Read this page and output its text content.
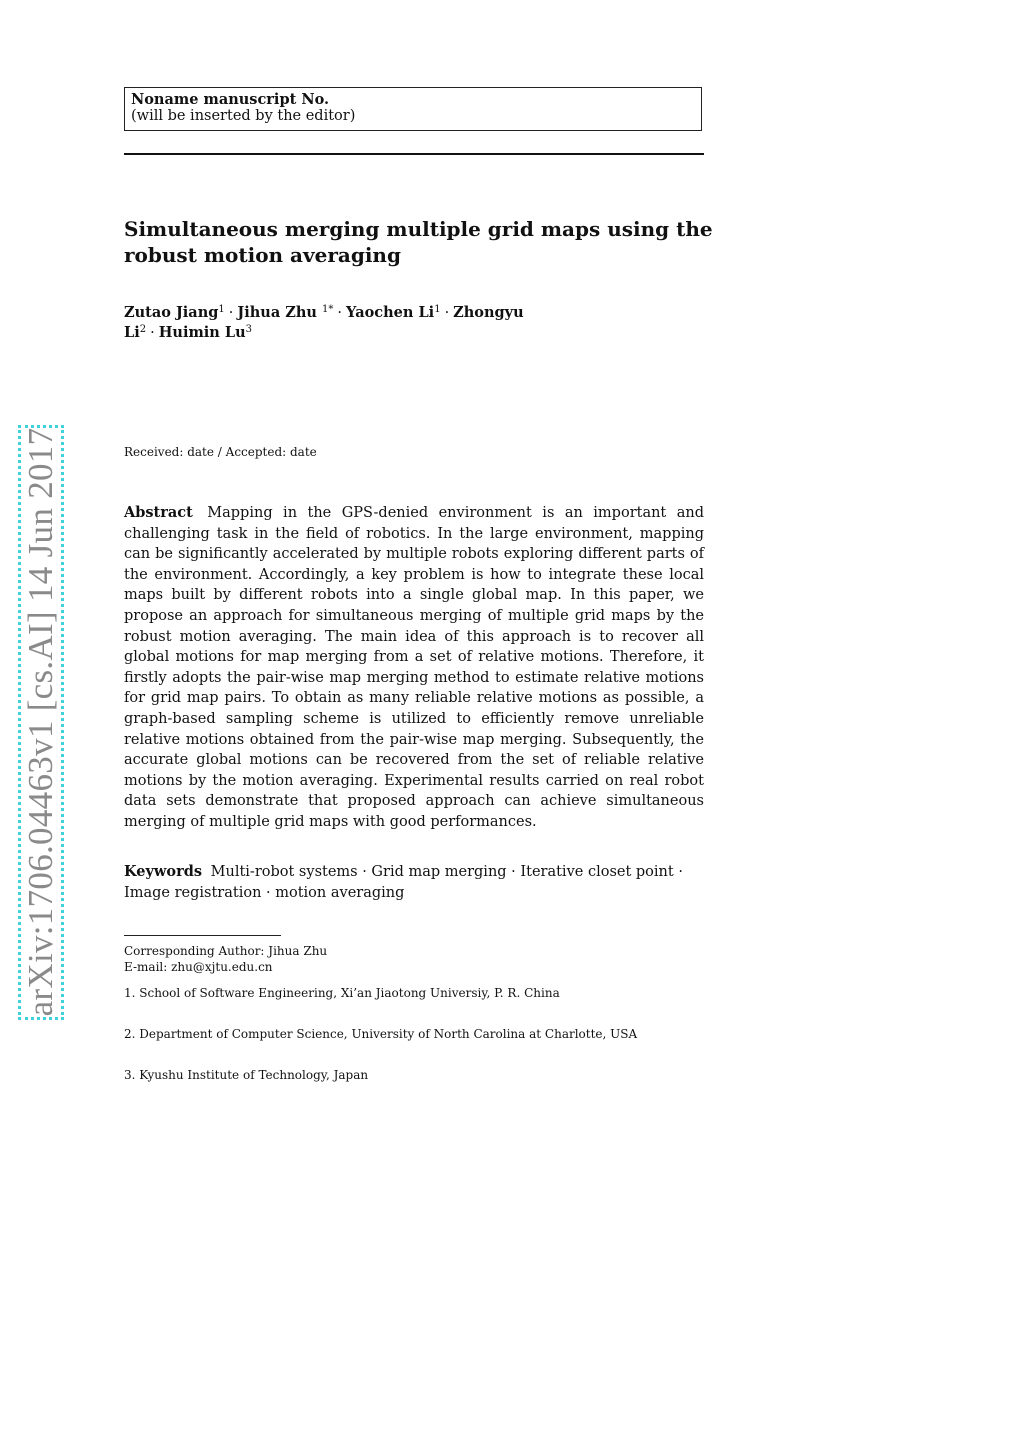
Noname manuscript No.
(will be inserted by the editor)
Simultaneous merging multiple grid maps using the
robust motion averaging
Zutao Jiang$^1$ · Jihua Zhu $^{1*}$ · Yaochen $Li^1$ · Zhongyu $Li^2 \cdot Huimin$ Lu$^3$
Received: date / Accepted: date

Abstract Mapping in the GPS-denied environment is an important and challenging task in the field of robotics. In the large environment, mapping can be significantly accelerated by multiple robots exploring different parts of the environment. Accordingly, a key problem is how to integrate these local maps built by different robots into a single global map. In this paper, we propose an approach for simultaneous merging of multiple grid maps by the robust motion averaging. The main idea of this approach is to recover all global motions for map merging from a set of relative motions. Therefore, it firstly adopts the pair-wise map merging method to estimate relative motions for grid map pairs. To obtain as many reliable relative motions as possible, a graph-based sampling scheme is utilized to efficiently remove unreliable relative motions obtained from the pair-wise map merging. Subsequently, the accurate global motions can be recovered from the set of reliable relative motions by the motion averaging. Experimental results carried on real robot data sets demonstrate that proposed approach can achieve simultaneous merging of multiple grid maps with good performances.

Keywords Multi-robot systems · Grid map merging · Iterative closet point · Image registration · motion averaging
Corresponding Author: Jihua Zhu
E-mail: zhu@xjtu.edu.cn
1. School of Software Engineering, Xi’an Jiaotong Universiy, P. R. China
2. Department of Computer Science, University of North Carolina at Charlotte, USA
3. Kyushu Institute of Technology, Japan
arXiv:1706.04463v1 [cs.AI] 14 Jun 2017
